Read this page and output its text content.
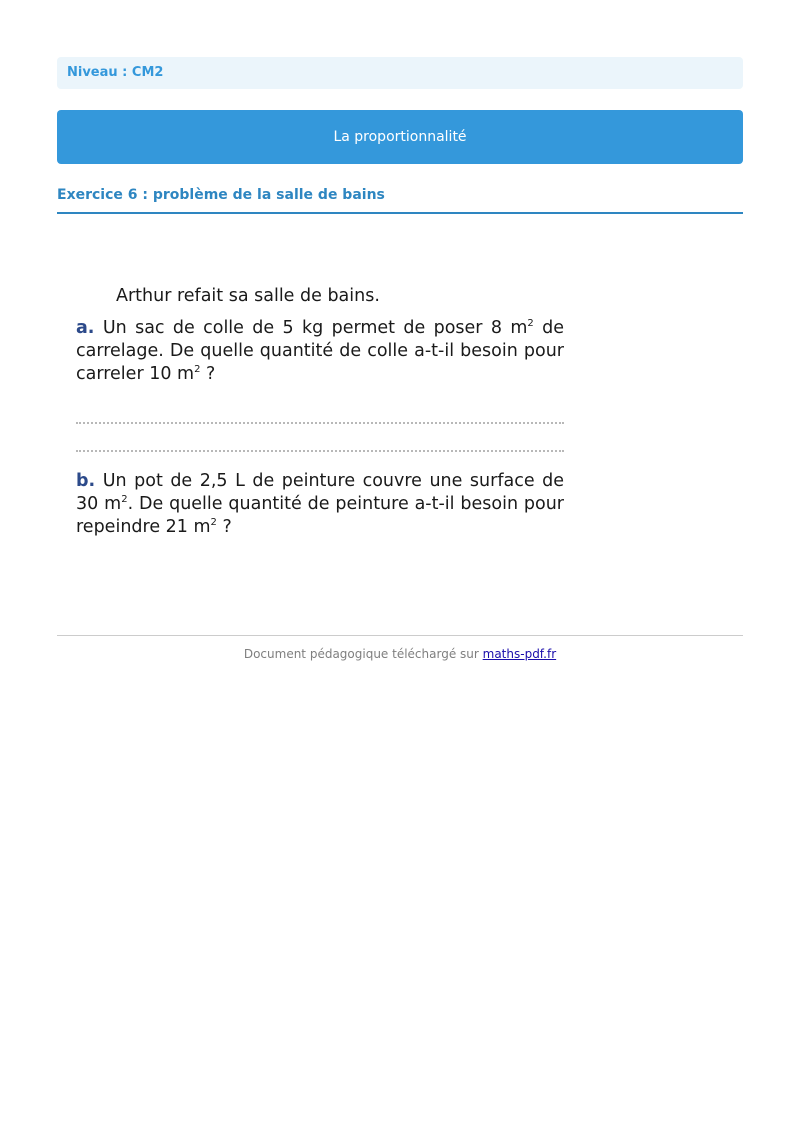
Niveau : CM2
La proportionnalité
Exercice 6 : problème de la salle de bains

Arthur refait sa salle de bains.

a. Un sac de colle de 5 kg permet de poser 8 $m^2$ de carrelage. De quelle quantité de colle a-t-il besoin pour carreler 10 $m^2$ ?

b. Un pot de 2,5 L de peinture couvre une surface de 30 $m^2$. De quelle quantité de peinture a-t-il besoin pour repeindre 21 $m^2$ ?

Document pédagogique téléchargé sur maths-pdf.fr
